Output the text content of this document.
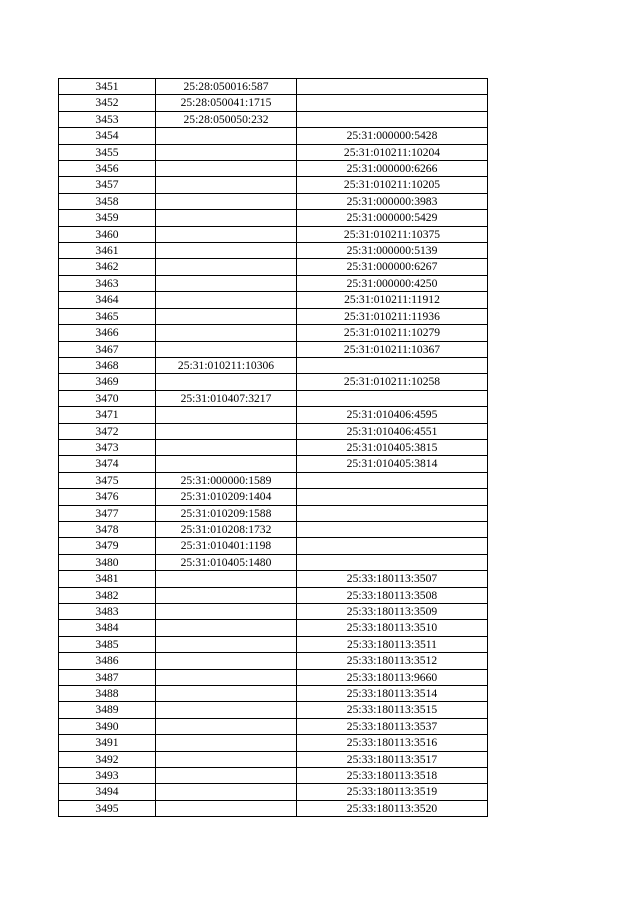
3451	25:28:050016:587	
3452	25:28:050041:1715	
3453	25:28:050050:232	
3454		25:31:000000:5428
3455		25:31:010211:10204
3456		25:31:000000:6266
3457		25:31:010211:10205
3458		25:31:000000:3983
3459		25:31:000000:5429
3460		25:31:010211:10375
3461		25:31:000000:5139
3462		25:31:000000:6267
3463		25:31:000000:4250
3464		25:31:010211:11912
3465		25:31:010211:11936
3466		25:31:010211:10279
3467		25:31:010211:10367
3468	25:31:010211:10306	
3469		25:31:010211:10258
3470	25:31:010407:3217	
3471		25:31:010406:4595
3472		25:31:010406:4551
3473		25:31:010405:3815
3474		25:31:010405:3814
3475	25:31:000000:1589	
3476	25:31:010209:1404	
3477	25:31:010209:1588	
3478	25:31:010208:1732	
3479	25:31:010401:1198	
3480	25:31:010405:1480	
3481		25:33:180113:3507
3482		25:33:180113:3508
3483		25:33:180113:3509
3484		25:33:180113:3510
3485		25:33:180113:3511
3486		25:33:180113:3512
3487		25:33:180113:9660
3488		25:33:180113:3514
3489		25:33:180113:3515
3490		25:33:180113:3537
3491		25:33:180113:3516
3492		25:33:180113:3517
3493		25:33:180113:3518
3494		25:33:180113:3519
3495		25:33:180113:3520
